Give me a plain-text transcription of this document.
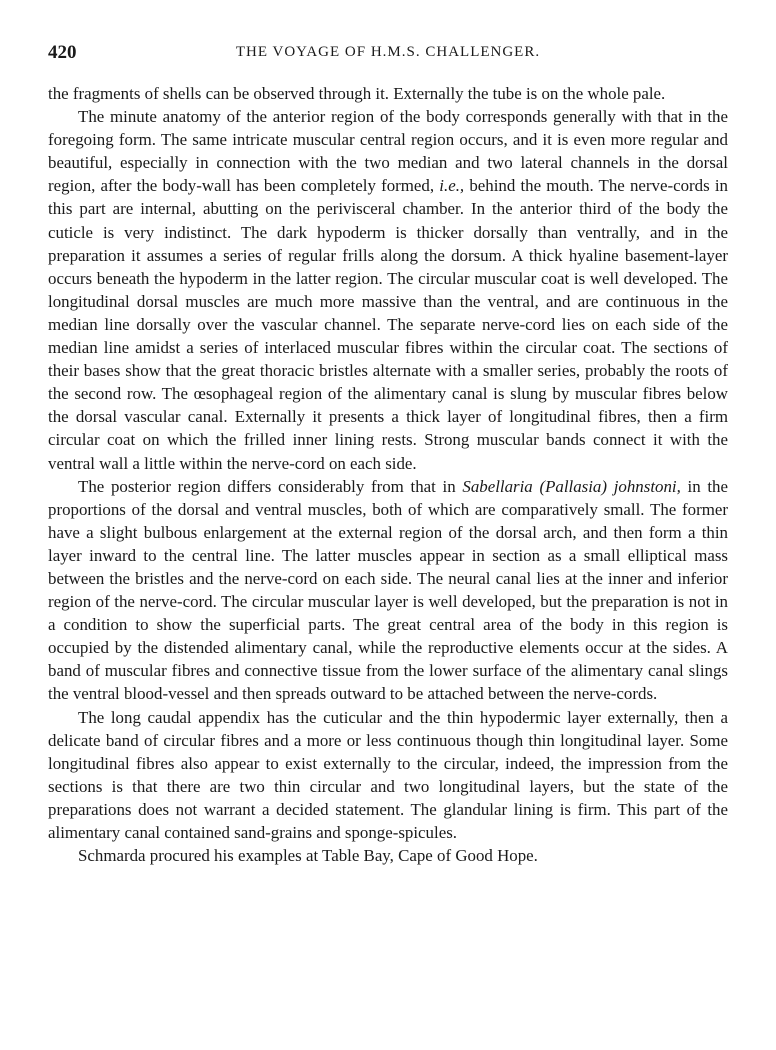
420	THE VOYAGE OF H.M.S. CHALLENGER.

the fragments of shells can be observed through it. Externally the tube is on the whole pale.

The minute anatomy of the anterior region of the body corresponds generally with that in the foregoing form. The same intricate muscular central region occurs, and it is even more regular and beautiful, especially in connection with the two median and two lateral channels in the dorsal region, after the body-wall has been completely formed, i.e., behind the mouth. The nerve-cords in this part are internal, abutting on the perivisceral chamber. In the anterior third of the body the cuticle is very indistinct. The dark hypoderm is thicker dorsally than ventrally, and in the preparation it assumes a series of regular frills along the dorsum. A thick hyaline basement-layer occurs beneath the hypoderm in the latter region. The circular muscular coat is well developed. The longitudinal dorsal muscles are much more massive than the ventral, and are continuous in the median line dorsally over the vascular channel. The separate nerve-cord lies on each side of the median line amidst a series of interlaced muscular fibres within the circular coat. The sections of their bases show that the great thoracic bristles alternate with a smaller series, probably the roots of the second row. The œsophageal region of the alimentary canal is slung by muscular fibres below the dorsal vascular canal. Externally it presents a thick layer of longitudinal fibres, then a firm circular coat on which the frilled inner lining rests. Strong muscular bands connect it with the ventral wall a little within the nerve-cord on each side.

The posterior region differs considerably from that in Sabellaria (Pallasia) johnstoni, in the proportions of the dorsal and ventral muscles, both of which are comparatively small. The former have a slight bulbous enlargement at the external region of the dorsal arch, and then form a thin layer inward to the central line. The latter muscles appear in section as a small elliptical mass between the bristles and the nerve-cord on each side. The neural canal lies at the inner and inferior region of the nerve-cord. The circular muscular layer is well developed, but the preparation is not in a condition to show the superficial parts. The great central area of the body in this region is occupied by the distended alimentary canal, while the reproductive elements occur at the sides. A band of muscular fibres and connective tissue from the lower surface of the alimentary canal slings the ventral blood-vessel and then spreads outward to be attached between the nerve-cords.

The long caudal appendix has the cuticular and the thin hypodermic layer externally, then a delicate band of circular fibres and a more or less continuous though thin longitudinal layer. Some longitudinal fibres also appear to exist externally to the circular, indeed, the impression from the sections is that there are two thin circular and two longitudinal layers, but the state of the preparations does not warrant a decided statement. The glandular lining is firm. This part of the alimentary canal contained sand-grains and sponge-spicules.

Schmarda procured his examples at Table Bay, Cape of Good Hope.
